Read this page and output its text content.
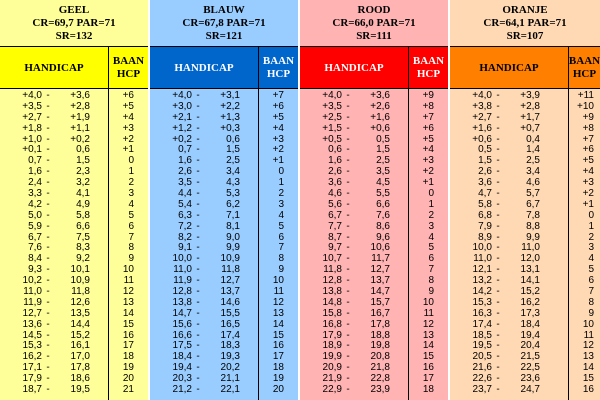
GEEL
CR=69,7 PAR=71
SR=132
HANDICAP
BAAN
HCP
+4,0 -	+3,6	+6
+3,5 -	+2,8	+5
+2,7 -	+1,9	+4
+1,8 -	+1,1	+3
+1,0 -	+0,2	+2
+0,1 -	0,6	+1
0,7 -	1,5	0
1,6 -	2,3	1
2,4 -	3,2	2
3,3 -	4,1	3
4,2 -	4,9	4
5,0 -	5,8	5
5,9 -	6,6	6
6,7 -	7,5	7
7,6 -	8,3	8
8,4 -	9,2	9
9,3 -	10,1	10
10,2 -	10,9	11
11,0 -	11,8	12
11,9 -	12,6	13
12,7 -	13,5	14
13,6 -	14,4	15
14,5 -	15,2	16
15,3 -	16,1	17
16,2 -	17,0	18
17,1 -	17,8	19
17,9 -	18,6	20
18,7 -	19,5	21
BLAUW
CR=67,8 PAR=71
SR=121
HANDICAP
BAAN
HCP
+4,0 -	+3,1	+7
+3,0 -	+2,2	+6
+2,1 -	+1,3	+5
+1,2 -	+0,3	+4
+0,2 -	0,6	+3
0,7 -	1,5	+2
1,6 -	2,5	+1
2,6 -	3,4	0
3,5 -	4,3	1
4,4 -	5,3	2
5,4 -	6,2	3
6,3 -	7,1	4
7,2 -	8,1	5
8,2 -	9,0	6
9,1 -	9,9	7
10,0 -	10,9	8
11,0 -	11,8	9
11,9 -	12,7	10
12,8 -	13,7	11
13,8 -	14,6	12
14,7 -	15,5	13
15,6 -	16,5	14
16,6 -	17,4	15
17,5 -	18,3	16
18,4 -	19,3	17
19,4 -	20,2	18
20,3 -	21,1	19
21,2 -	22,1	20
ROOD
CR=66,0 PAR=71
SR=111
HANDICAP
BAAN
HCP
+4,0 -	+3,6	+9
+3,5 -	+2,6	+8
+2,5 -	+1,6	+7
+1,5 -	+0,6	+6
+0,5 -	0,5	+5
0,6 -	1,5	+4
1,6 -	2,5	+3
2,6 -	3,5	+2
3,6 -	4,5	+1
4,6 -	5,5	0
5,6 -	6,6	1
6,7 -	7,6	2
7,7 -	8,6	3
8,7 -	9,6	4
9,7 -	10,6	5
10,7 -	11,7	6
11,8 -	12,7	7
12,8 -	13,7	8
13,8 -	14,7	9
14,8 -	15,7	10
15,8 -	16,7	11
16,8 -	17,8	12
17,9 -	18,8	13
18,9 -	19,8	14
19,9 -	20,8	15
20,9 -	21,8	16
21,9 -	22,8	17
22,9 -	23,9	18
ORANJE
CR=64,1 PAR=71
SR=107
HANDICAP
BAAN
HCP
+4,0 -	+3,9	+11
+3,8 -	+2,8	+10
+2,7 -	+1,7	+9
+1,6 -	+0,7	+8
+0,6 -	0,4	+7
0,5 -	1,4	+6
1,5 -	2,5	+5
2,6 -	3,4	+4
3,6 -	4,6	+3
4,7 -	5,7	+2
5,8 -	6,7	+1
6,8 -	7,8	0
7,9 -	8,8	1
8,9 -	9,9	2
10,0 -	11,0	3
11,0 -	12,0	4
12,1 -	13,1	5
13,2 -	14,1	6
14,2 -	15,2	7
15,3 -	16,2	8
16,3 -	17,3	9
17,4 -	18,4	10
18,5 -	19,4	11
19,5 -	20,4	12
20,5 -	21,5	13
21,6 -	22,5	14
22,6 -	23,6	15
23,7 -	24,7	16
